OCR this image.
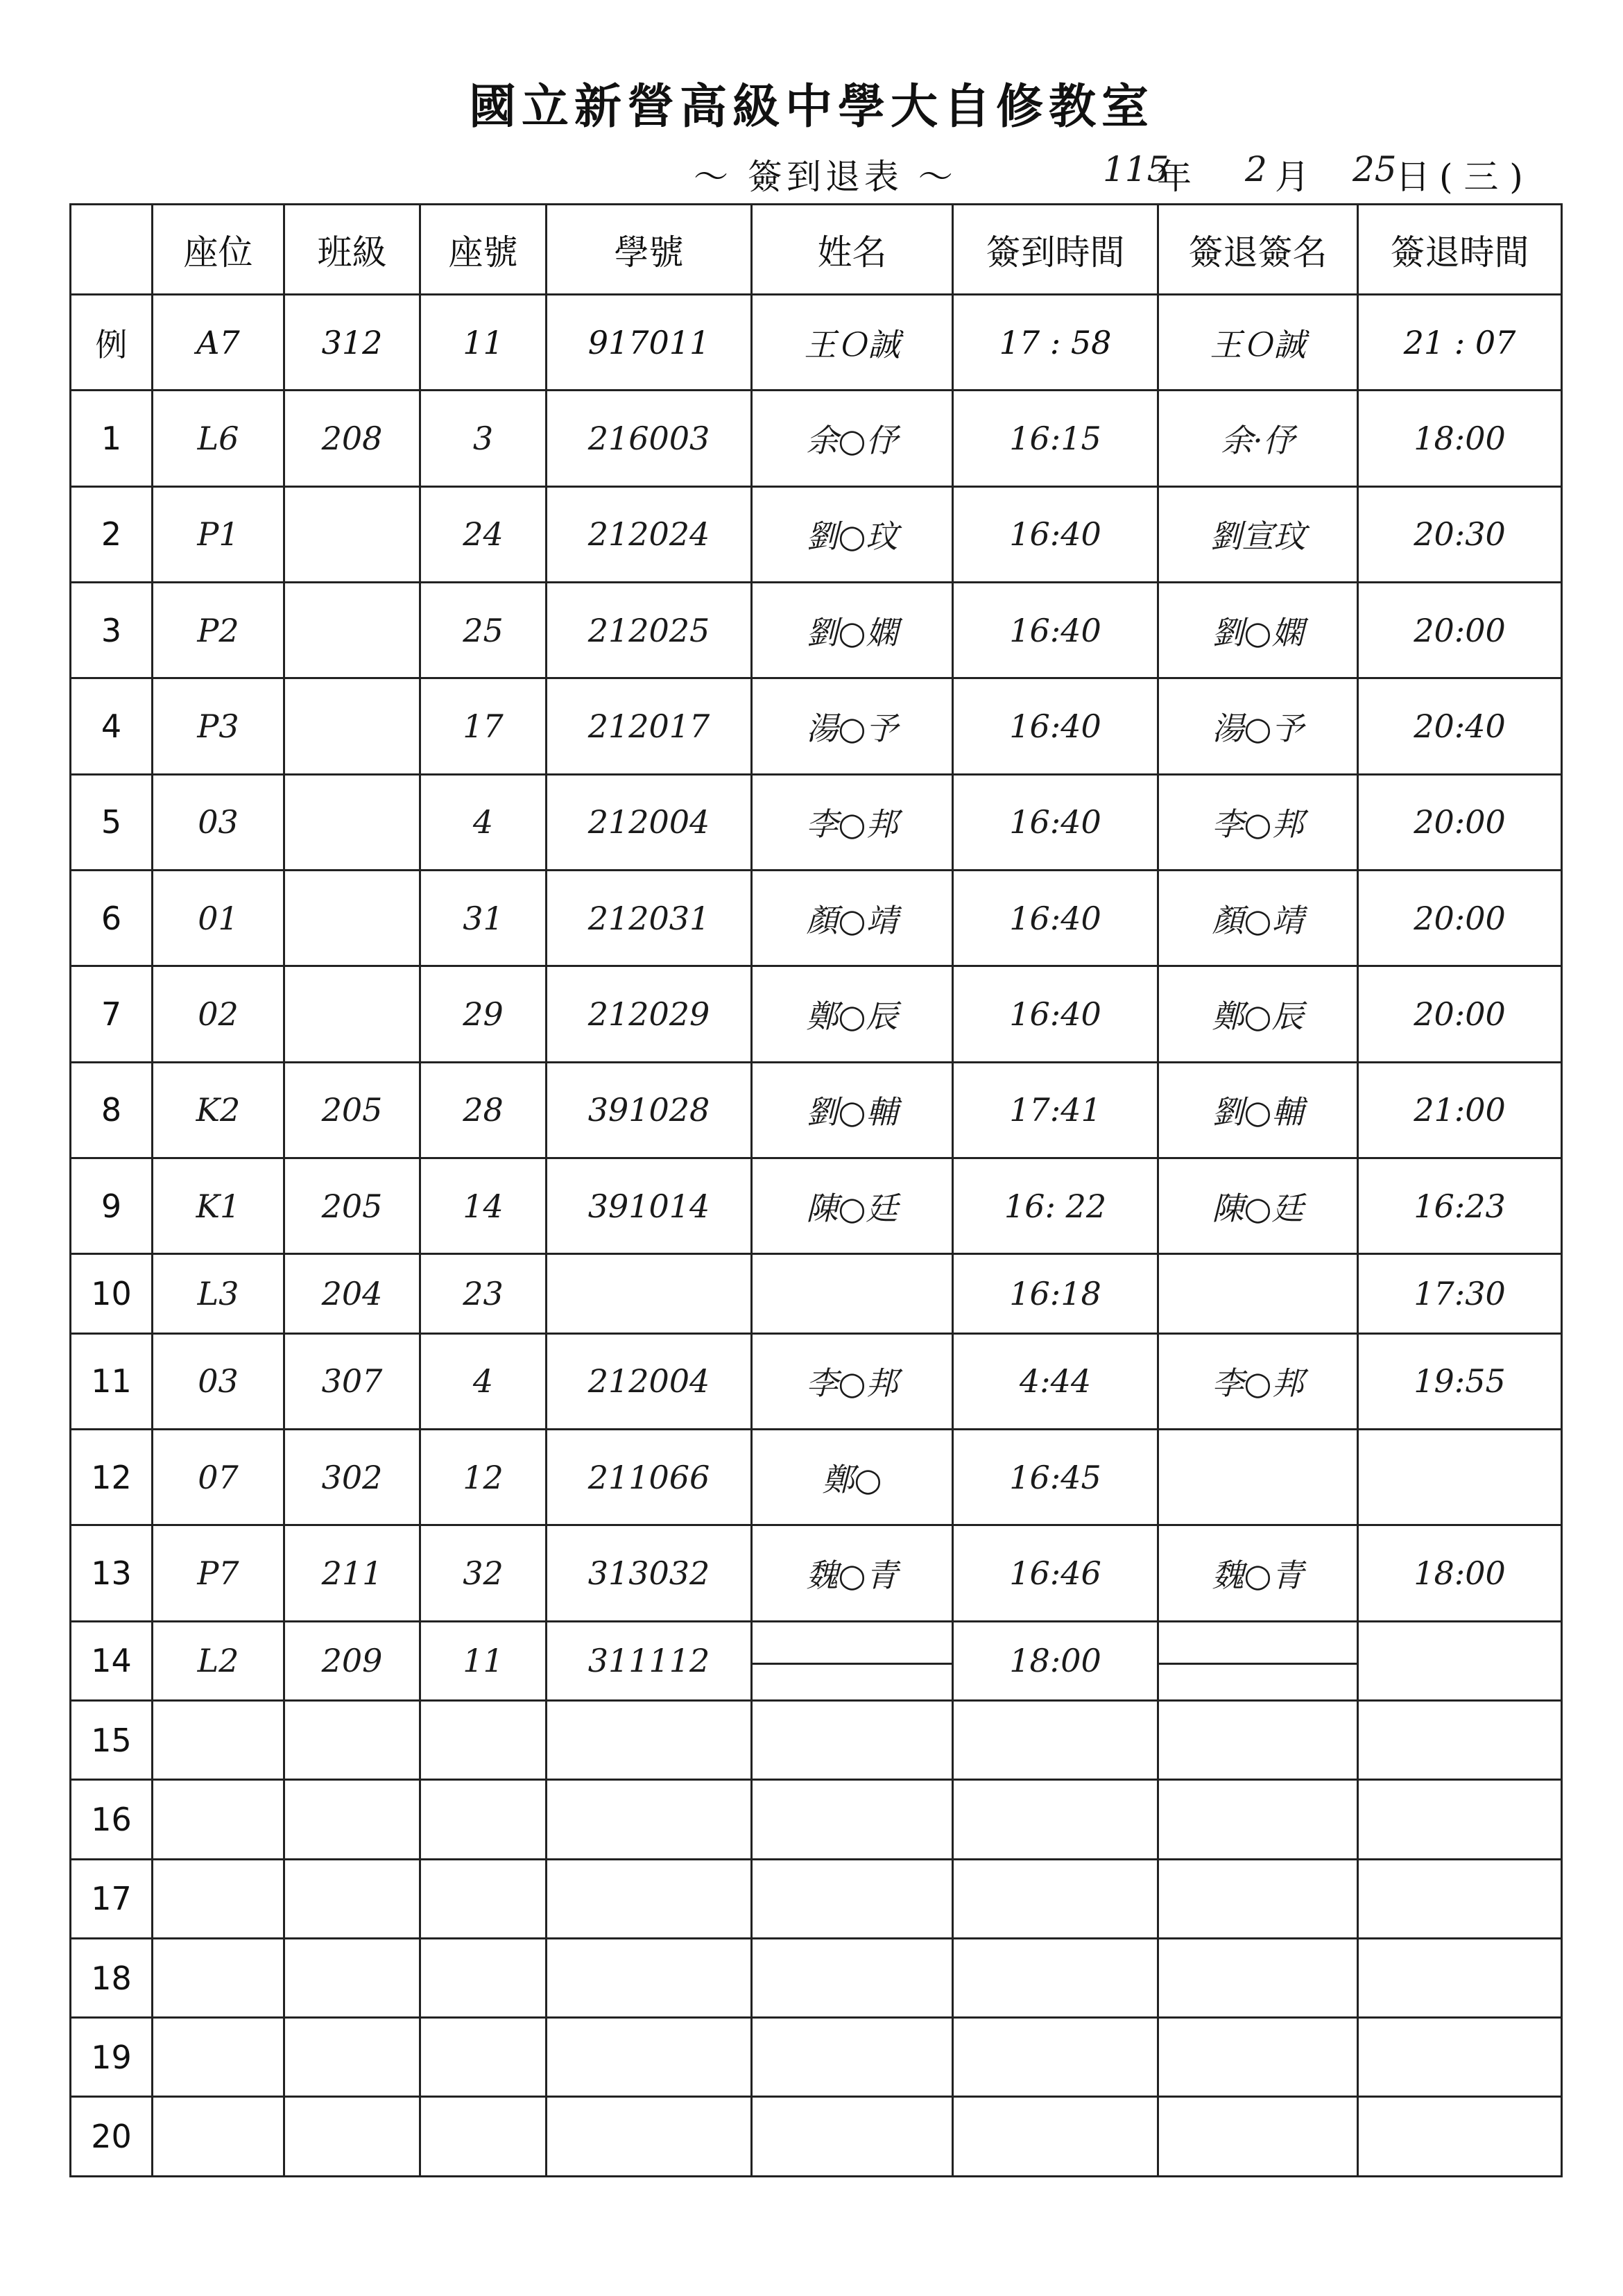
國立新營高級中學大自修教室
～ 簽到退表 ～	115
年 2 月 25
日 ( 三 )
	座位	班級	座號	學號	姓名	簽到時間	簽退簽名	簽退時間
例	A7	312	11	917011	王Ｏ誠	17 : 58	王Ｏ誠	21 : 07
1	L6	208	3	216003	余○伃	16:15	余·伃	18:00
2	P1		24	212024	劉○玟	16:40	劉宣玟	20:30
3	P2		25	212025	劉○嫻	16:40	劉○嫻	20:00
4	P3		17	212017	湯○予	16:40	湯○予	20:40
5	03		4	212004	李○邦	16:40	李○邦	20:00
6	01		31	212031	顏○靖	16:40	顏○靖	20:00
7	02		29	212029	鄭○辰	16:40	鄭○辰	20:00
8	K2	205	28	391028	劉○輔	17:41	劉○輔	21:00
9	K1	205	14	391014	陳○廷	16: 22	陳○廷	16:23
10	L3	204	23			16:18		17:30
11	03	307	4	212004	李○邦	4:44	李○邦	19:55
12	07	302	12	211066	鄭○	16:45		
13	P7	211	32	313032	魏○青	16:46	魏○青	18:00
14	L2	209	11	311112		18:00		
15								
16								
17								
18								
19								
20								
